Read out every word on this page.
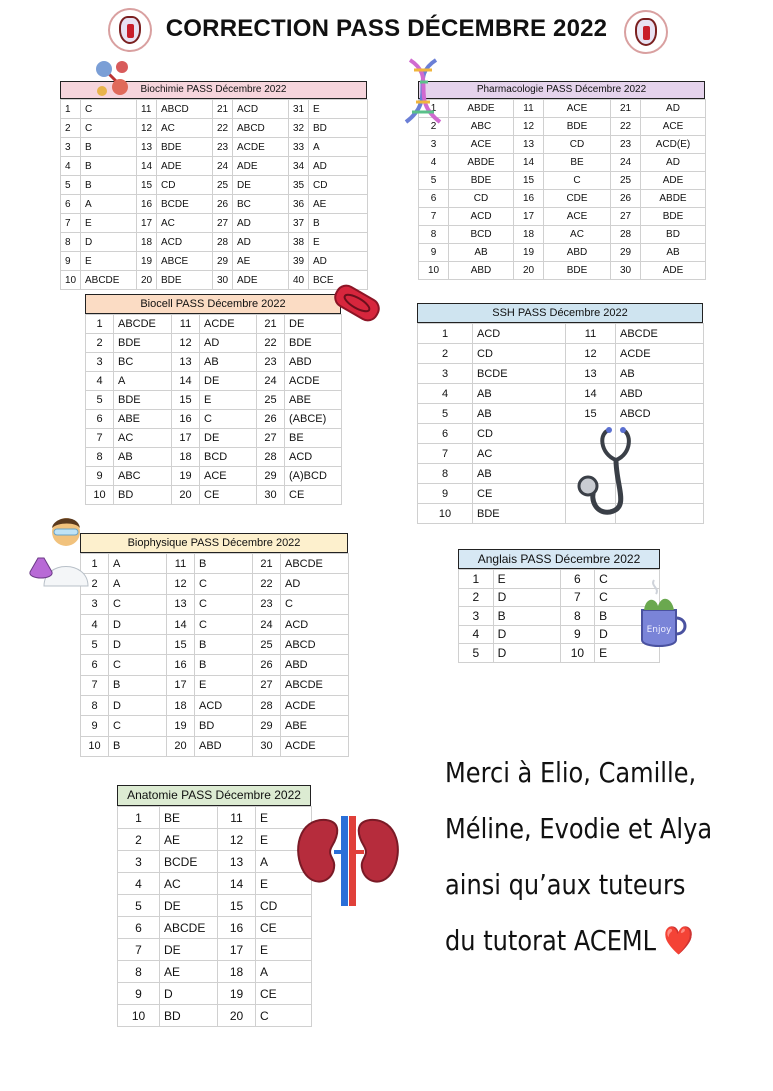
CORRECTION PASS DÉCEMBRE 2022
Biochimie PASS Décembre 2022
1	C	11	ABCD	21	ACD	31	E
2	C	12	AC	22	ABCD	32	BD
3	B	13	BDE	23	ACDE	33	A
4	B	14	ADE	24	ADE	34	AD
5	B	15	CD	25	DE	35	CD
6	A	16	BCDE	26	BC	36	AE
7	E	17	AC	27	AD	37	B
8	D	18	ACD	28	AD	38	E
9	E	19	ABCE	29	AE	39	AD
10	ABCDE	20	BDE	30	ADE	40	BCE
Pharmacologie PASS Décembre 2022
1	ABDE	11	ACE	21	AD
2	ABC	12	BDE	22	ACE
3	ACE	13	CD	23	ACD(E)
4	ABDE	14	BE	24	AD
5	BDE	15	C	25	ADE
6	CD	16	CDE	26	ABDE
7	ACD	17	ACE	27	BDE
8	BCD	18	AC	28	BD
9	AB	19	ABD	29	AB
10	ABD	20	BDE	30	ADE
Biocell PASS Décembre 2022
1	ABCDE	11	ACDE	21	DE
2	BDE	12	AD	22	BDE
3	BC	13	AB	23	ABD
4	A	14	DE	24	ACDE
5	BDE	15	E	25	ABE
6	ABE	16	C	26	(ABCE)
7	AC	17	DE	27	BE
8	AB	18	BCD	28	ACD
9	ABC	19	ACE	29	(A)BCD
10	BD	20	CE	30	CE
SSH PASS Décembre 2022
1	ACD	11	ABCDE
2	CD	12	ACDE
3	BCDE	13	AB
4	AB	14	ABD
5	AB	15	ABCD
6	CD		
7	AC		
8	AB		
9	CE		
10	BDE		
Biophysique PASS Décembre 2022
1	A	11	B	21	ABCDE
2	A	12	C	22	AD
3	C	13	C	23	C
4	D	14	C	24	ACD
5	D	15	B	25	ABCD
6	C	16	B	26	ABD
7	B	17	E	27	ABCDE
8	D	18	ACD	28	ACDE
9	C	19	BD	29	ABE
10	B	20	ABD	30	ACDE
Anglais PASS Décembre 2022
1	E	6	C
2	D	7	C
3	B	8	B
4	D	9	D
5	D	10	E
Enjoy
Anatomie PASS Décembre 2022
1	BE	11	E
2	AE	12	E
3	BCDE	13	A
4	AC	14	E
5	DE	15	CD
6	ABCDE	16	CE
7	DE	17	E
8	AE	18	A
9	D	19	CE
10	BD	20	C
Merci à Elio, Camille,
Méline, Evodie et Alya
ainsi qu’aux tuteurs
du tutorat ACEML ❤️
